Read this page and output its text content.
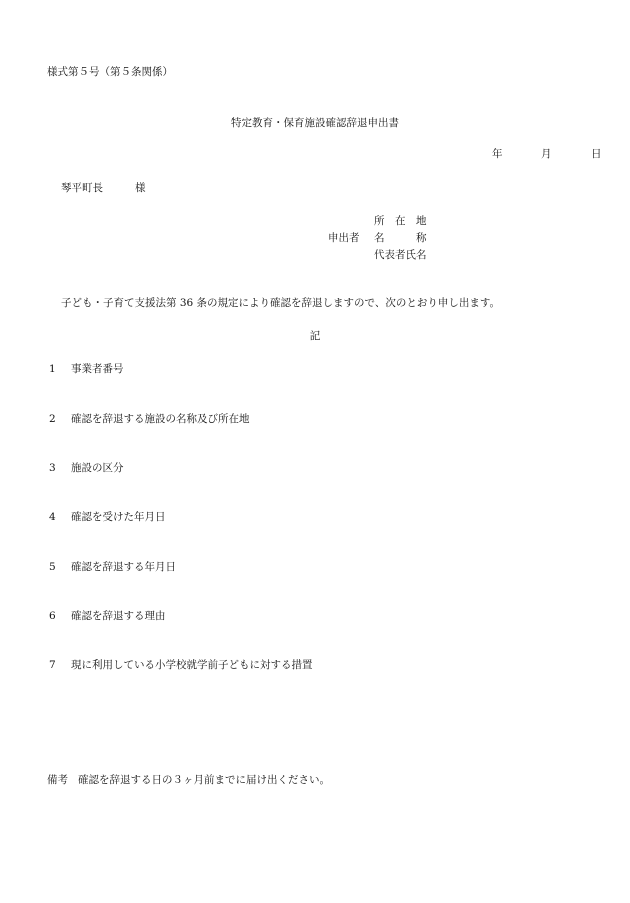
様式第５号（第５条関係）
特定教育・保育施設確認辞退申出書
年	月	日
琴平町長	様
申出者
所　在　地
名　　　称
代表者氏名
子ども・子育て支援法第 36 条の規定により確認を辞退しますので、次のとおり申し出ます。
記
1 事業者番号
2 確認を辞退する施設の名称及び所在地
3 施設の区分
4 確認を受けた年月日
5 確認を辞退する年月日
6 確認を辞退する理由
7 現に利用している小学校就学前子どもに対する措置
備考 確認を辞退する日の３ヶ月前までに届け出ください。
